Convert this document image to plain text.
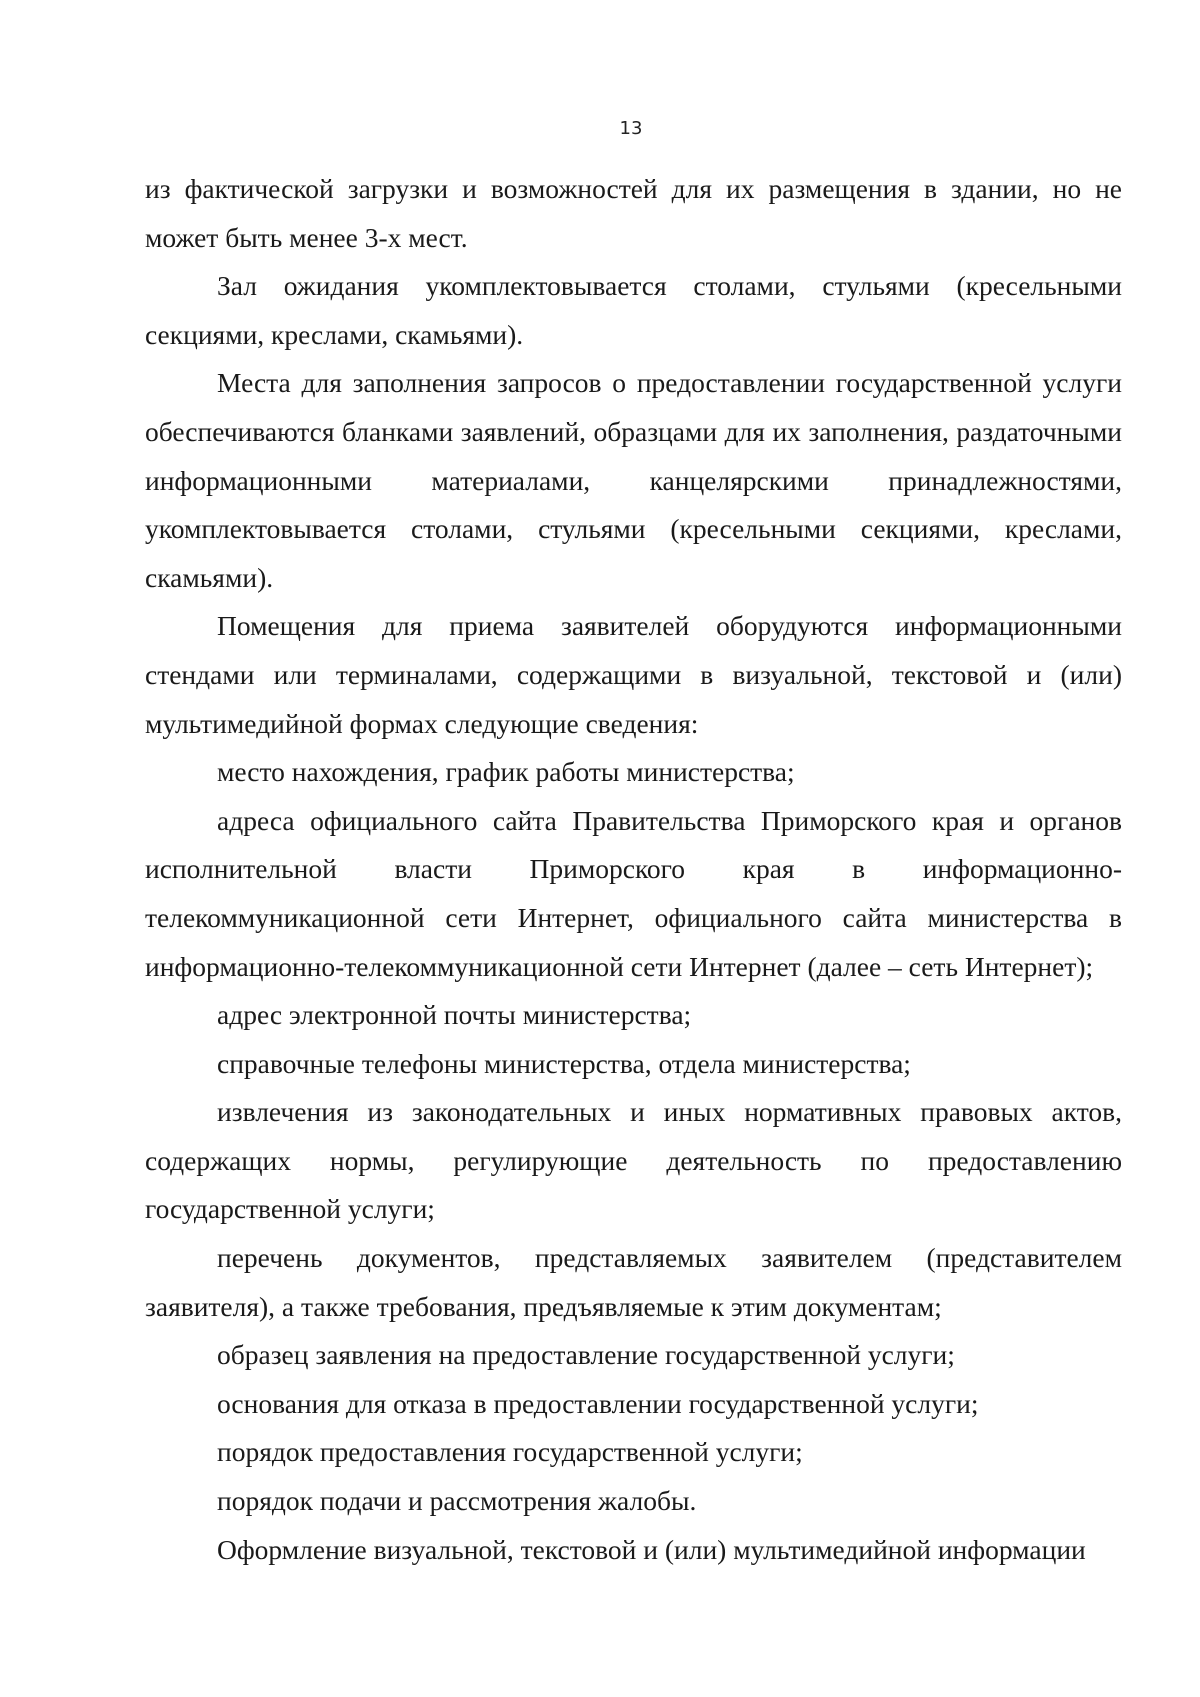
13

из фактической загрузки и возможностей для их размещения в здании, но не может быть менее 3-х мест.

Зал ожидания укомплектовывается столами, стульями (кресельными секциями, креслами, скамьями).

Места для заполнения запросов о предоставлении государственной услуги обеспечиваются бланками заявлений, образцами для их заполнения, раздаточными информационными материалами, канцелярскими принадлежностями, укомплектовывается столами, стульями (кресельными секциями, креслами, скамьями).

Помещения для приема заявителей оборудуются информационными стендами или терминалами, содержащими в визуальной, текстовой и (или) мультимедийной формах следующие сведения:

место нахождения, график работы министерства;

адреса официального сайта Правительства Приморского края и органов исполнительной власти Приморского края в информационно-телекоммуникационной сети Интернет, официального сайта министерства в информационно-телекоммуникационной сети Интернет (далее – сеть Интернет);

адрес электронной почты министерства;

справочные телефоны министерства, отдела министерства;

извлечения из законодательных и иных нормативных правовых актов, содержащих нормы, регулирующие деятельность по предоставлению государственной услуги;

перечень документов, представляемых заявителем (представителем заявителя), а также требования, предъявляемые к этим документам;

образец заявления на предоставление государственной услуги;

основания для отказа в предоставлении государственной услуги;

порядок предоставления государственной услуги;

порядок подачи и рассмотрения жалобы.

Оформление визуальной, текстовой и (или) мультимедийной информации
